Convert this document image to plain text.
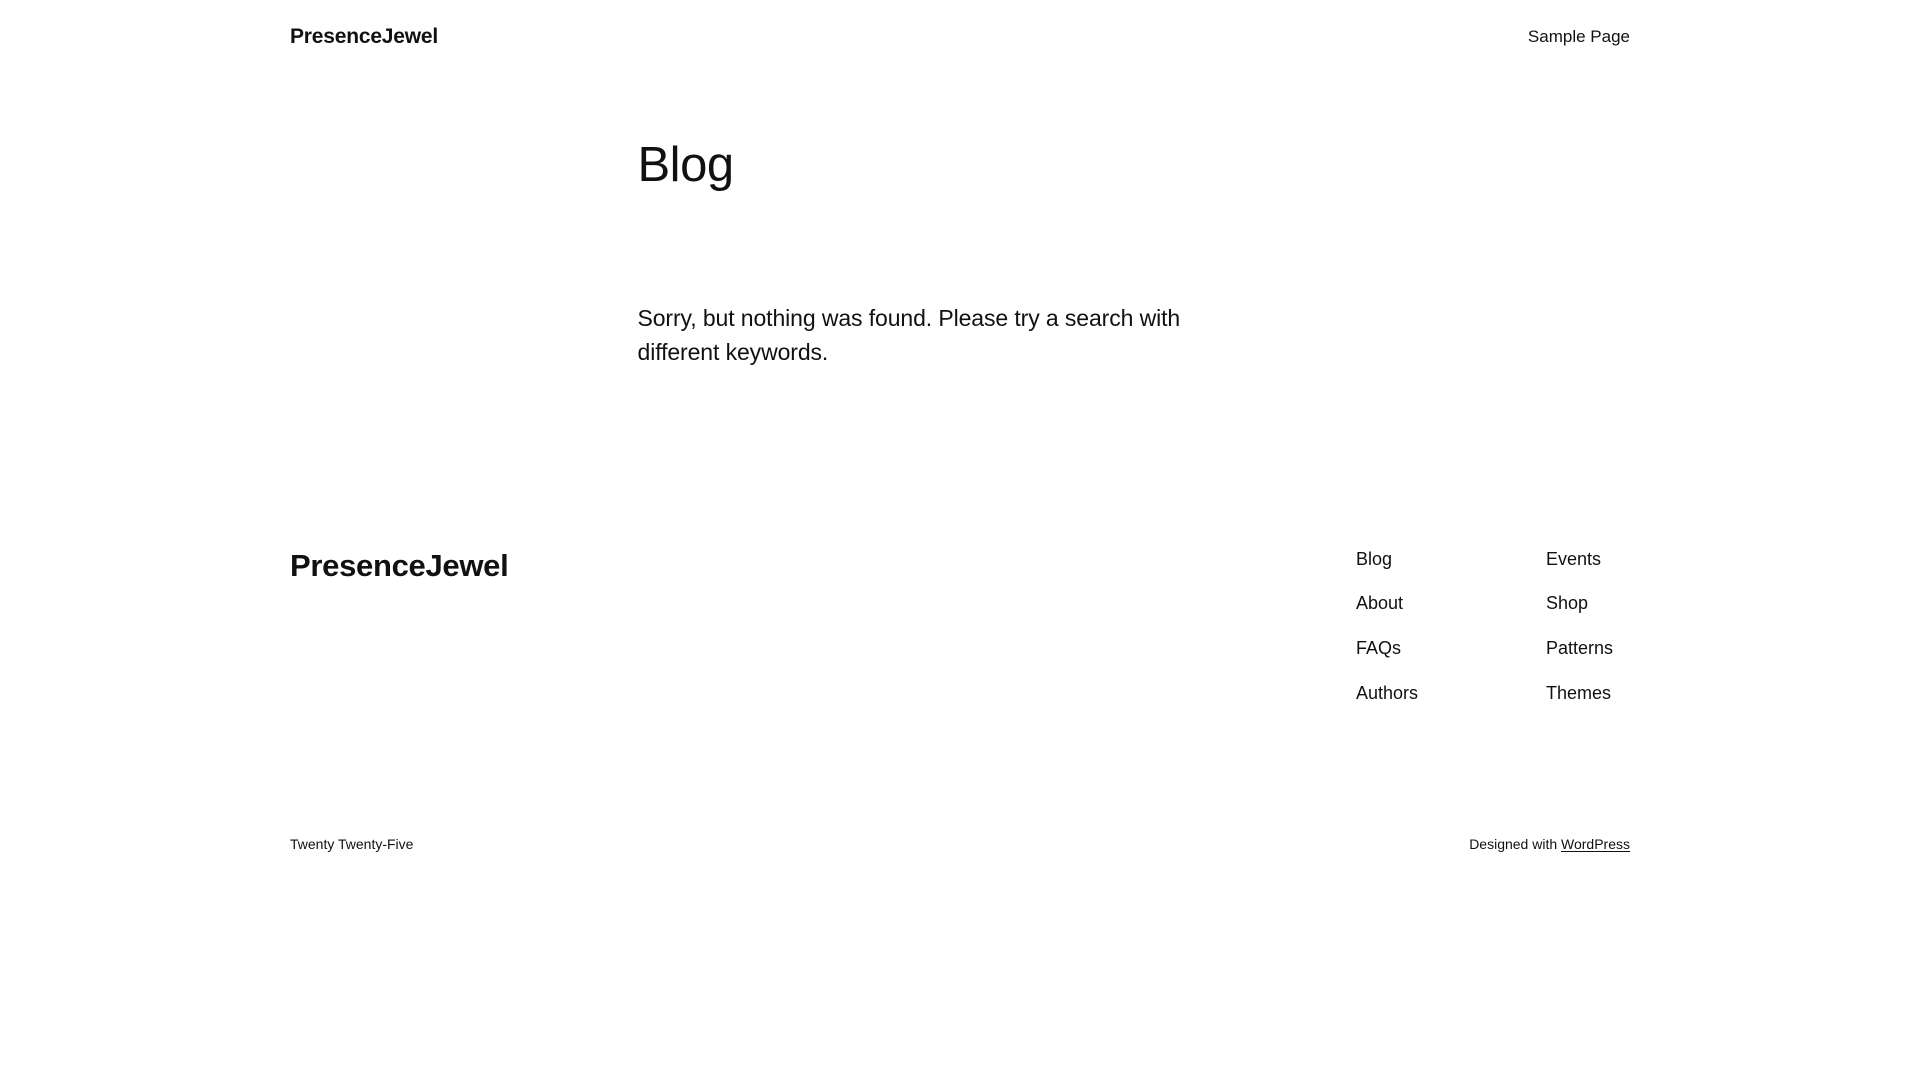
PresenceJewel	Sample Page
Blog

Sorry, but nothing was found. Please try a search with different keywords.

PresenceJewel	Blog
About
FAQs
Authors
Events
Shop
Patterns
Themes
Twenty Twenty-Five	Designed with WordPress
